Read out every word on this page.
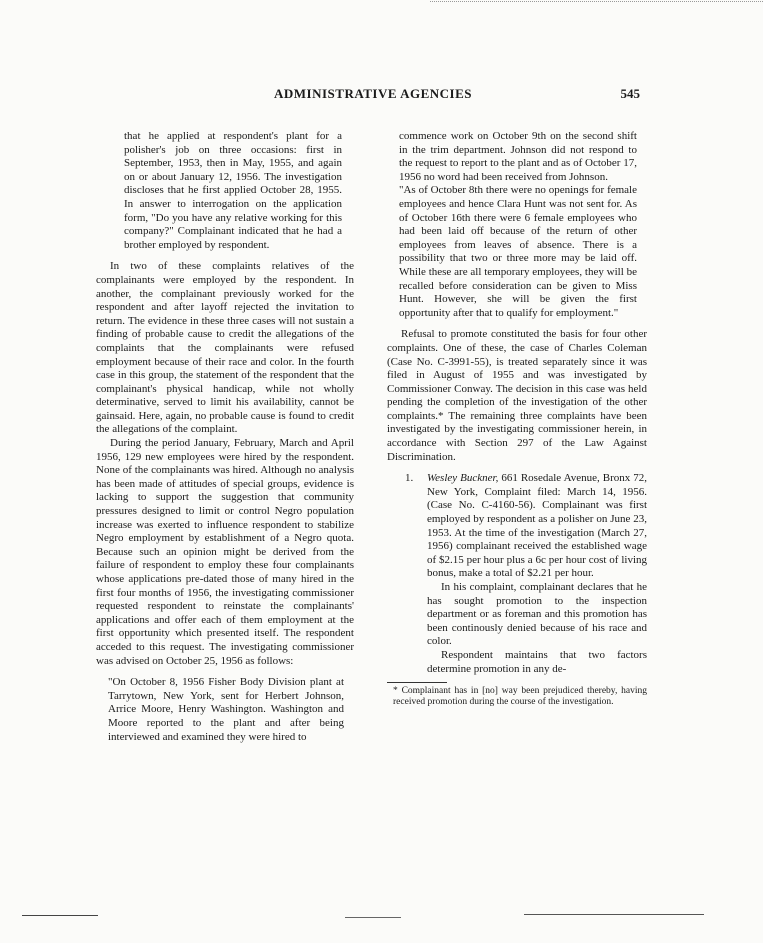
ADMINISTRATIVE AGENCIES	545

that he applied at respondent's plant for a polisher's job on three occasions: first in September, 1953, then in May, 1955, and again on or about January 12, 1956. The investigation discloses that he first applied October 28, 1955. In answer to interrogation on the application form, "Do you have any relative working for this company?" Complainant indicated that he had a brother employed by respondent.

In two of these complaints relatives of the complainants were employed by the respondent. In another, the complainant previously worked for the respondent and after layoff rejected the invitation to return. The evidence in these three cases will not sustain a finding of probable cause to credit the allegations of the complaints that the complainants were refused employment because of their race and color. In the fourth case in this group, the statement of the respondent that the complainant's physical handicap, while not wholly determinative, served to limit his availability, cannot be gainsaid. Here, again, no probable cause is found to credit the allegations of the complaint.

During the period January, February, March and April 1956, 129 new employees were hired by the respondent. None of the complainants was hired. Although no analysis has been made of attitudes of special groups, evidence is lacking to support the suggestion that community pressures designed to limit or control Negro population increase was exerted to influence respondent to stabilize Negro employment by establishment of a Negro quota. Because such an opinion might be derived from the failure of respondent to employ these four complainants whose applications pre-dated those of many hired in the first four months of 1956, the investigating commissioner requested respondent to reinstate the complainants' applications and offer each of them employment at the first opportunity which presented itself. The respondent acceded to this request. The investigating commissioner was advised on October 25, 1956 as follows:

"On October 8, 1956 Fisher Body Division plant at Tarrytown, New York, sent for Herbert Johnson, Arrice Moore, Henry Washington. Washington and Moore reported to the plant and after being interviewed and examined they were hired to

commence work on October 9th on the second shift in the trim department. Johnson did not respond to the request to report to the plant and as of October 17, 1956 no word had been received from Johnson.

"As of October 8th there were no openings for female employees and hence Clara Hunt was not sent for. As of October 16th there were 6 female employees who had been laid off because of the return of other employees from leaves of absence. There is a possibility that two or three more may be laid off. While these are all temporary employees, they will be recalled before consideration can be given to Miss Hunt. However, she will be given the first opportunity after that to qualify for employment."

Refusal to promote constituted the basis for four other complaints. One of these, the case of Charles Coleman (Case No. C-3991-55), is treated separately since it was filed in August of 1955 and was investigated by Commissioner Conway. The decision in this case was held pending the completion of the investigation of the other complaints.* The remaining three complaints have been investigated by the investigating commissioner herein, in accordance with Section 297 of the Law Against Discrimination.

1. Wesley Buckner, 661 Rosedale Avenue, Bronx 72, New York, Complaint filed: March 14, 1956. (Case No. C-4160-56). Complainant was first employed by respondent as a polisher on June 23, 1953. At the time of the investigation (March 27, 1956) complainant received the established wage of $2.15 per hour plus a 6c per hour cost of living bonus, make a total of $2.21 per hour.

In his complaint, complainant declares that he has sought promotion to the inspection department or as foreman and this promotion has been continously denied because of his race and color.

Respondent maintains that two factors determine promotion in any de-

* Complainant has in [no] way been prejudiced thereby, having received promotion during the course of the investigation.
